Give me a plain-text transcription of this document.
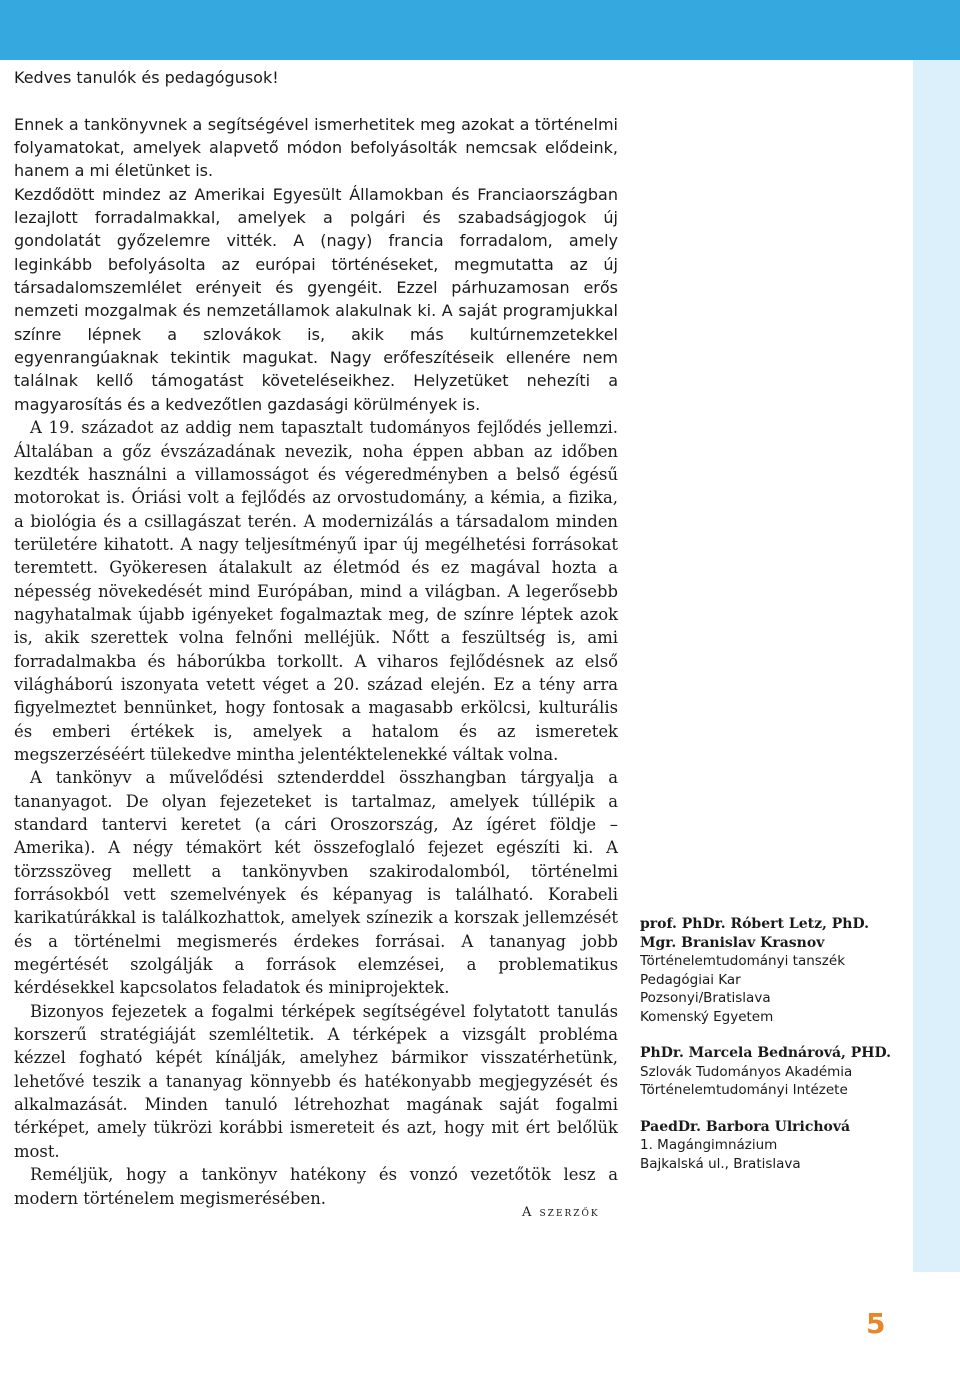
Kedves tanulók és pedagógusok!

Ennek a tankönyvnek a segítségével ismerhetitek meg azokat a történelmi folyamatokat, amelyek alapvető módon befolyásolták nemcsak elődeink, hanem a mi életünket is.

Kezdődött mindez az Amerikai Egyesült Államokban és Franciaországban lezajlott forradalmakkal, amelyek a polgári és szabadságjogok új gondolatát győzelemre vitték. A (nagy) francia forradalom, amely leginkább befolyásolta az európai történéseket, megmutatta az új társadalomszemlélet erényeit és gyengéit. Ezzel párhuzamosan erős nemzeti mozgalmak és nemzetállamok alakulnak ki. A saját programjukkal színre lépnek a szlovákok is, akik más kultúrnemzetekkel egyenrangúaknak tekintik magukat. Nagy erőfeszítéseik ellenére nem találnak kellő támogatást követeléseikhez. Helyzetüket nehezíti a magyarosítás és a kedvezőtlen gazdasági körülmények is.

A 19. századot az addig nem tapasztalt tudományos fejlődés jellemzi. Általában a gőz évszázadának nevezik, noha éppen abban az időben kezdték használni a villamosságot és végeredményben a belső égésű motorokat is. Óriási volt a fejlődés az orvostudomány, a kémia, a fizika, a biológia és a csillagászat terén. A modernizálás a társadalom minden területére kihatott. A nagy teljesítményű ipar új megélhetési forrásokat teremtett. Gyökeresen átalakult az életmód és ez magával hozta a népesség növekedését mind Európában, mind a világban. A legerősebb nagyhatalmak újabb igényeket fogalmaztak meg, de színre léptek azok is, akik szerettek volna felnőni melléjük. Nőtt a feszültség is, ami forradalmakba és háborúkba torkollt. A viharos fejlődésnek az első világháború iszonyata vetett véget a 20. század elején. Ez a tény arra figyelmeztet bennünket, hogy fontosak a magasabb erkölcsi, kulturális és emberi értékek is, amelyek a hatalom és az ismeretek megszerzéséért tülekedve mintha jelentéktelenekké váltak volna.

A tankönyv a művelődési sztenderddel összhangban tárgyalja a tananyagot. De olyan fejezeteket is tartalmaz, amelyek túllépik a standard tantervi keretet (a cári Oroszország, Az ígéret földje – Amerika). A négy témakört két összefoglaló fejezet egészíti ki. A törzsszöveg mellett a tankönyvben szakirodalomból, történelmi forrásokból vett szemelvények és képanyag is található. Korabeli karikatúrákkal is találkozhattok, amelyek színezik a korszak jellemzését és a történelmi megismerés érdekes forrásai. A tananyag jobb megértését szolgálják a források elemzései, a problematikus kérdésekkel kapcsolatos feladatok és miniprojektek.

Bizonyos fejezetek a fogalmi térképek segítségével folytatott tanulás korszerű stratégiáját szemléltetik. A térképek a vizsgált probléma kézzel fogható képét kínálják, amelyhez bármikor visszatérhetünk, lehetővé teszik a tananyag könnyebb és hatékonyabb megjegyzését és alkalmazását. Minden tanuló létrehozhat magának saját fogalmi térképet, amely tükrözi korábbi ismereteit és azt, hogy mit ért belőlük most.

Reméljük, hogy a tankönyv hatékony és vonzó vezetőtök lesz a modern történelem megismerésében.

A szerzők
prof. PhDr. Róbert Letz, PhD.
Mgr. Branislav Krasnov
Történelemtudományi tanszék
Pedagógiai Kar
Pozsonyi/Bratislava
Komenský Egyetem
PhDr. Marcela Bednárová, PHD.
Szlovák Tudományos Akadémia
Történelemtudományi Intézete
PaedDr. Barbora Ulrichová
1. Magángimnázium
Bajkalská ul., Bratislava
5
